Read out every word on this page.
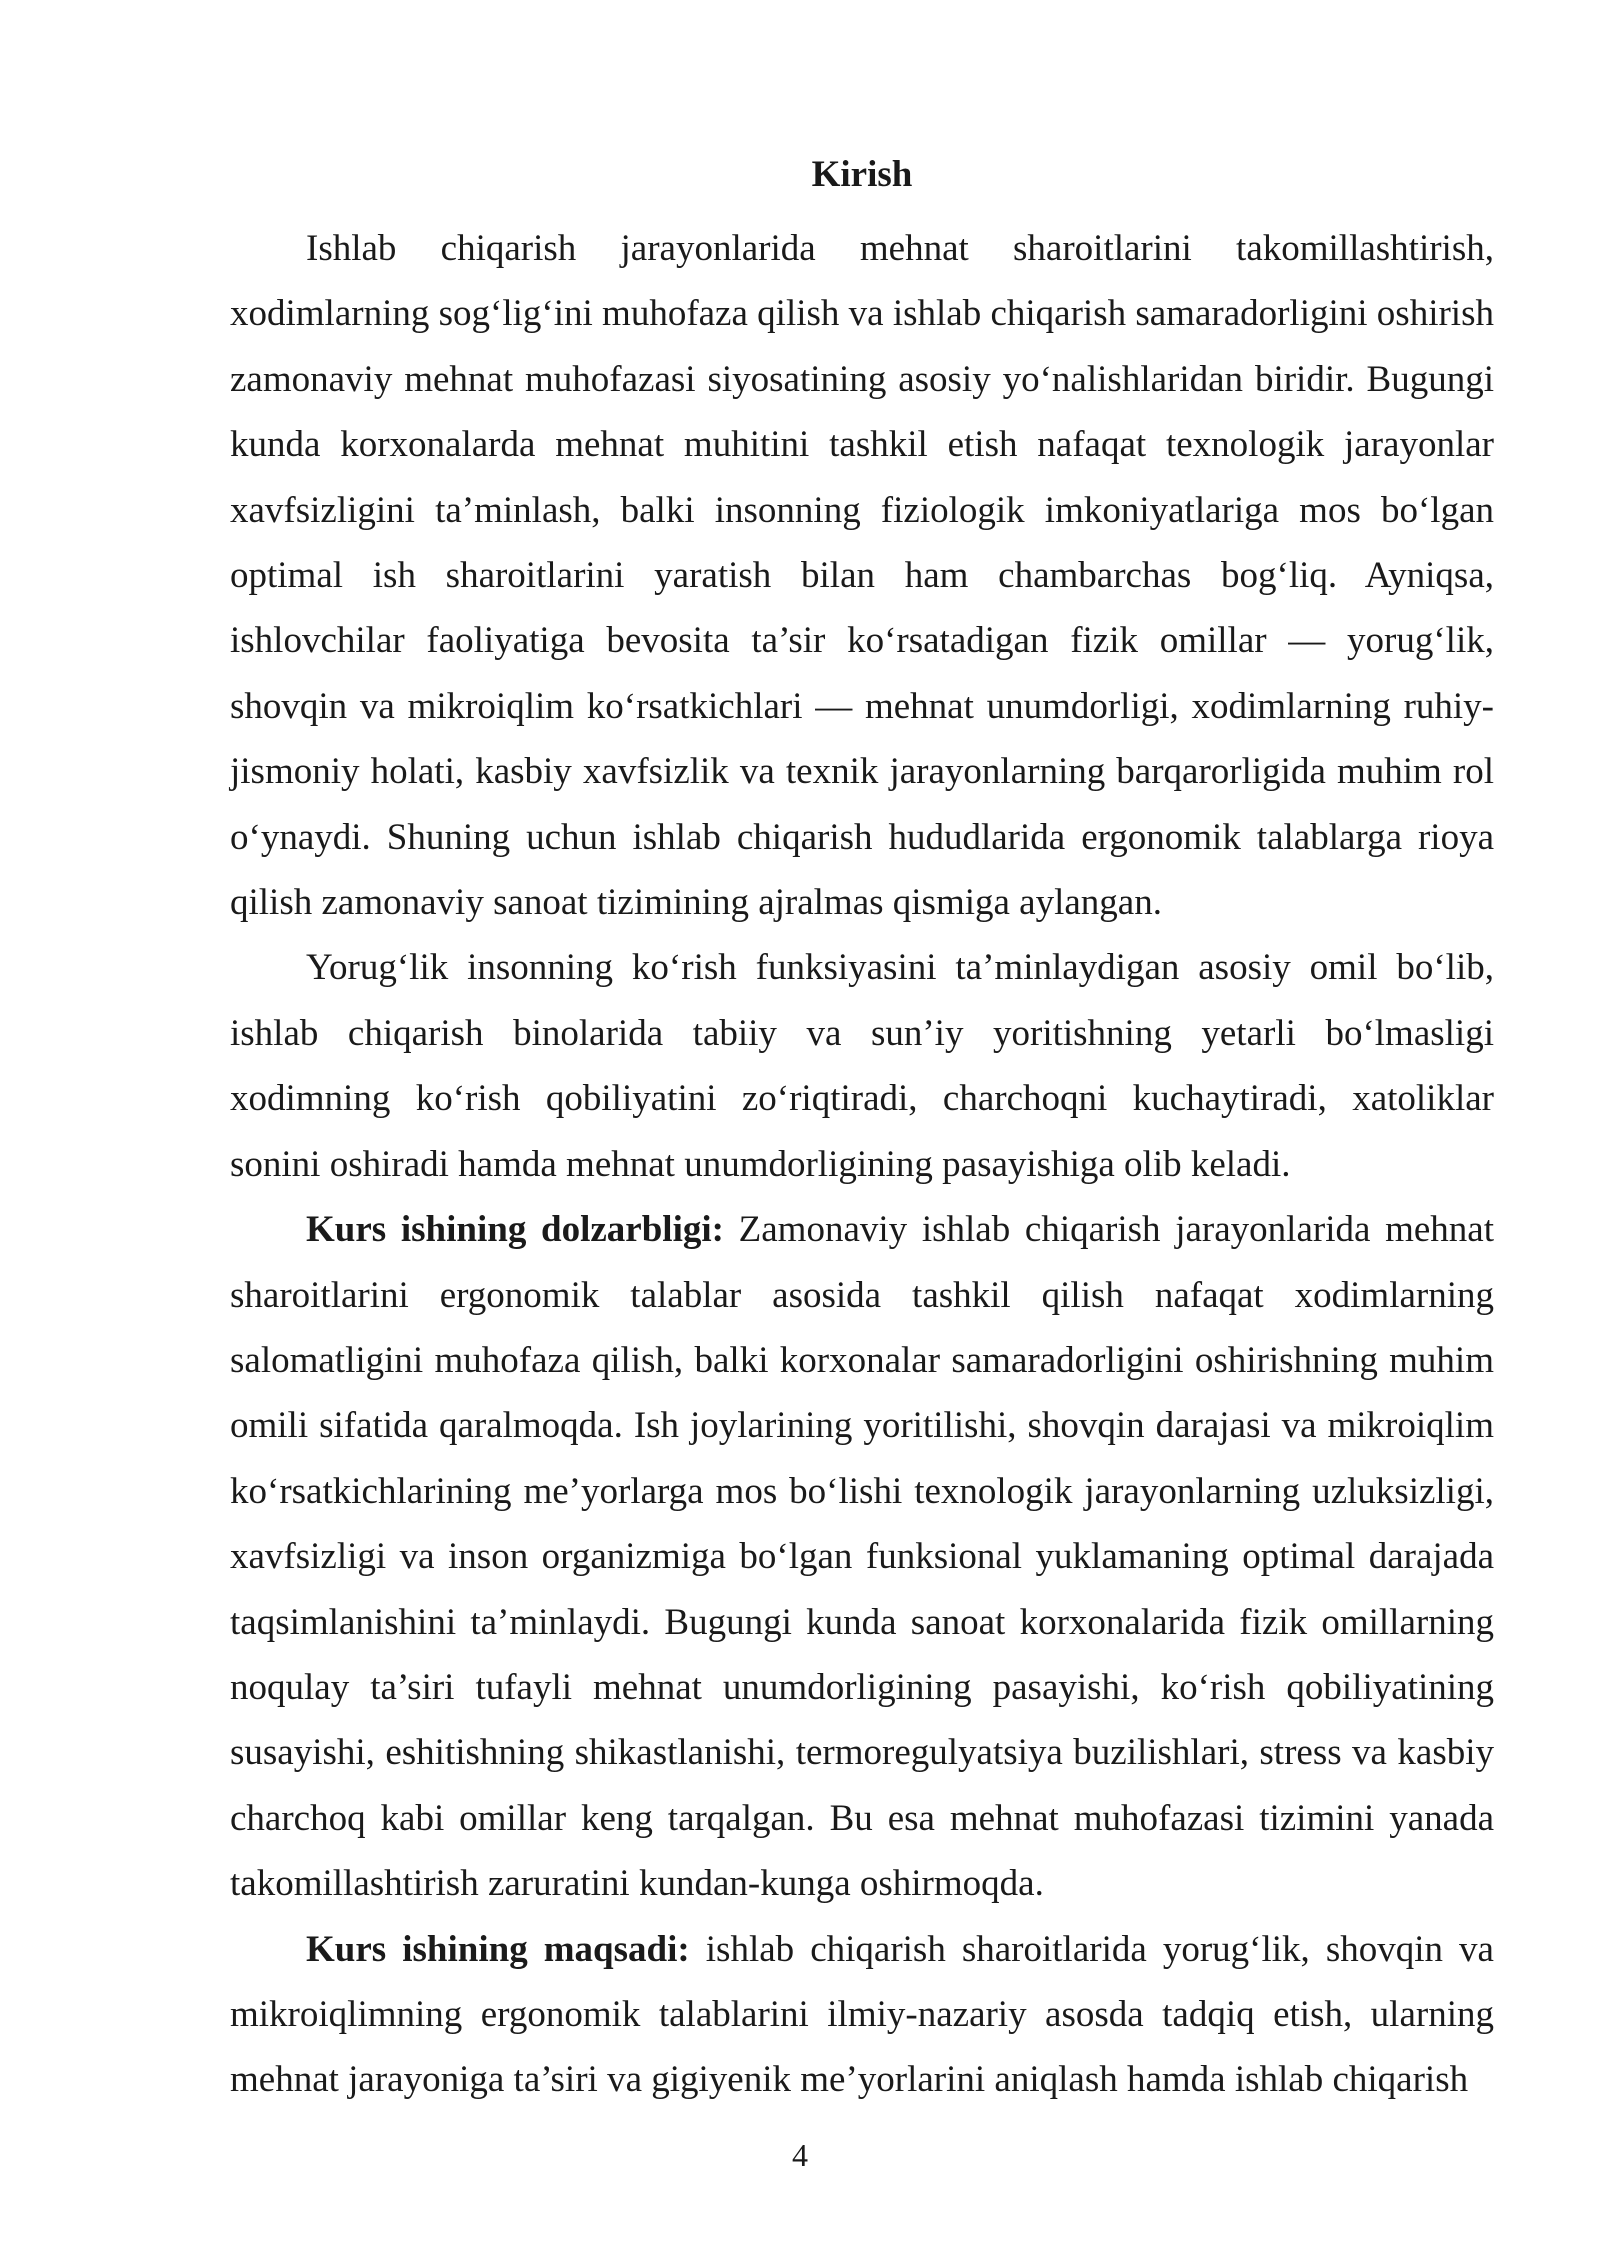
Kirish

Ishlab chiqarish jarayonlarida mehnat sharoitlarini takomillashtirish, xodimlarning sog‘lig‘ini muhofaza qilish va ishlab chiqarish samaradorligini oshirish zamonaviy mehnat muhofazasi siyosatining asosiy yo‘nalishlaridan biridir. Bugungi kunda korxonalarda mehnat muhitini tashkil etish nafaqat texnologik jarayonlar xavfsizligini ta’minlash, balki insonning fiziologik imkoniyatlariga mos bo‘lgan optimal ish sharoitlarini yaratish bilan ham chambarchas bog‘liq. Ayniqsa, ishlovchilar faoliyatiga bevosita ta’sir ko‘rsatadigan fizik omillar — yorug‘lik, shovqin va mikroiqlim ko‘rsatkichlari — mehnat unumdorligi, xodimlarning ruhiy-jismoniy holati, kasbiy xavfsizlik va texnik jarayonlarning barqarorligida muhim rol o‘ynaydi. Shuning uchun ishlab chiqarish hududlarida ergonomik talablarga rioya qilish zamonaviy sanoat tizimining ajralmas qismiga aylangan.

Yorug‘lik insonning ko‘rish funksiyasini ta’minlaydigan asosiy omil bo‘lib, ishlab chiqarish binolarida tabiiy va sun’iy yoritishning yetarli bo‘lmasligi xodimning ko‘rish qobiliyatini zo‘riqtiradi, charchoqni kuchaytiradi, xatoliklar sonini oshiradi hamda mehnat unumdorligining pasayishiga olib keladi.

Kurs ishining dolzarbligi: Zamonaviy ishlab chiqarish jarayonlarida mehnat sharoitlarini ergonomik talablar asosida tashkil qilish nafaqat xodimlarning salomatligini muhofaza qilish, balki korxonalar samaradorligini oshirishning muhim omili sifatida qaralmoqda. Ish joylarining yoritilishi, shovqin darajasi va mikroiqlim ko‘rsatkichlarining me’yorlarga mos bo‘lishi texnologik jarayonlarning uzluksizligi, xavfsizligi va inson organizmiga bo‘lgan funksional yuklamaning optimal darajada taqsimlanishini ta’minlaydi. Bugungi kunda sanoat korxonalarida fizik omillarning noqulay ta’siri tufayli mehnat unumdorligining pasayishi, ko‘rish qobiliyatining susayishi, eshitishning shikastlanishi, termoregulyatsiya buzilishlari, stress va kasbiy charchoq kabi omillar keng tarqalgan. Bu esa mehnat muhofazasi tizimini yanada takomillashtirish zaruratini kundan-kunga oshirmoqda.

Kurs ishining maqsadi: ishlab chiqarish sharoitlarida yorug‘lik, shovqin va mikroiqlimning ergonomik talablarini ilmiy-nazariy asosda tadqiq etish, ularning mehnat jarayoniga ta’siri va gigiyenik me’yorlarini aniqlash hamda ishlab chiqarish

4
